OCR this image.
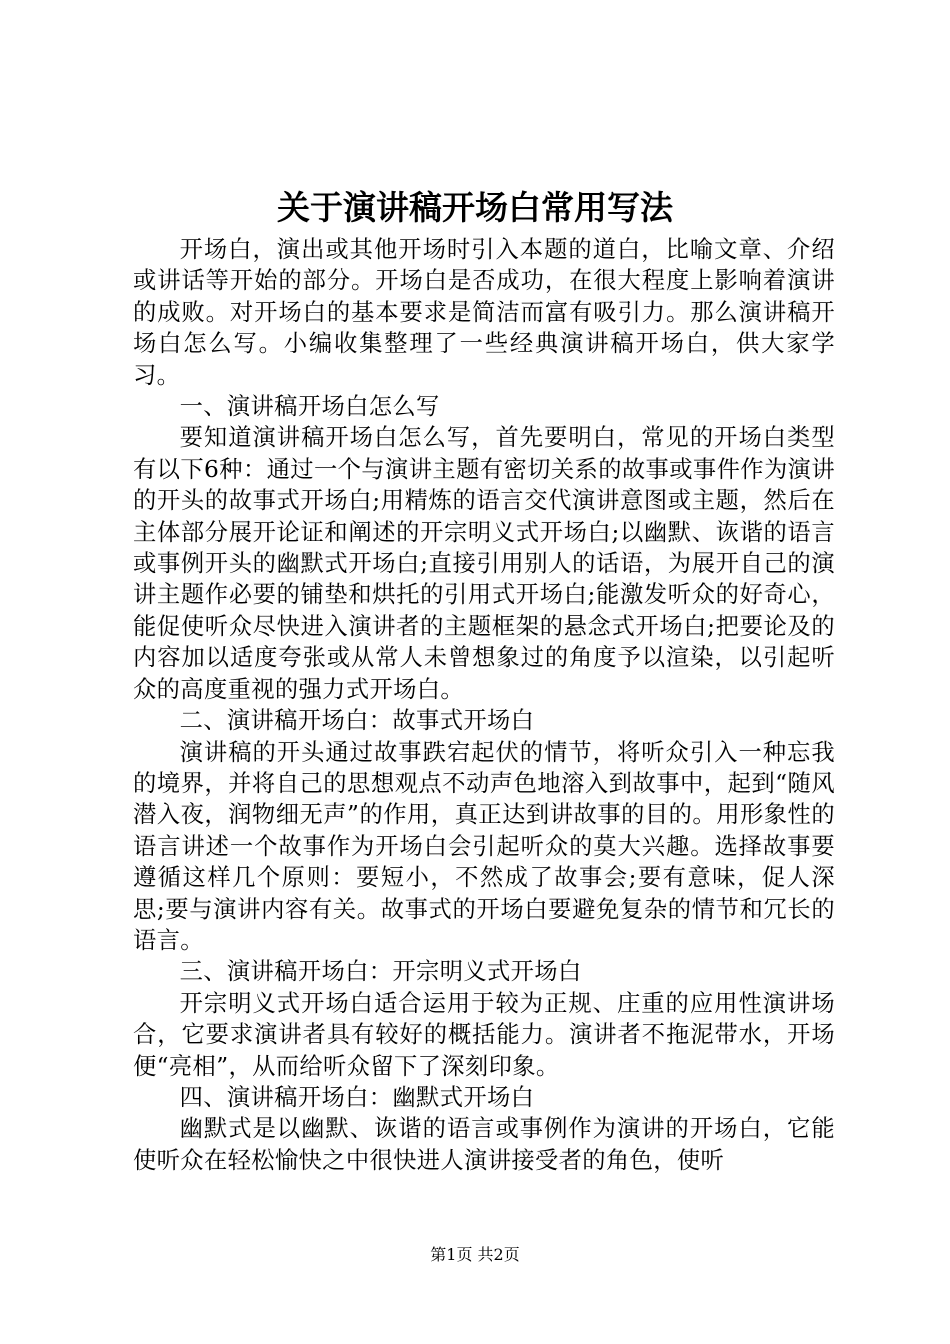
关于演讲稿开场白常用写法

开场白，演出或其他开场时引入本题的道白，比喻文章、介绍或讲话等开始的部分。开场白是否成功，在很大程度上影响着演讲的成败。对开场白的基本要求是简洁而富有吸引力。那么演讲稿开场白怎么写。小编收集整理了一些经典演讲稿开场白，供大家学习。

一、演讲稿开场白怎么写

要知道演讲稿开场白怎么写，首先要明白，常见的开场白类型有以下6种：通过一个与演讲主题有密切关系的故事或事件作为演讲的开头的故事式开场白;用精炼的语言交代演讲意图或主题，然后在主体部分展开论证和阐述的开宗明义式开场白;以幽默、诙谐的语言或事例开头的幽默式开场白;直接引用别人的话语，为展开自己的演讲主题作必要的铺垫和烘托的引用式开场白;能激发听众的好奇心，能促使听众尽快进入演讲者的主题框架的悬念式开场白;把要论及的内容加以适度夸张或从常人未曾想象过的角度予以渲染，以引起听众的高度重视的强力式开场白。

二、演讲稿开场白：故事式开场白

演讲稿的开头通过故事跌宕起伏的情节，将听众引入一种忘我的境界，并将自己的思想观点不动声色地溶入到故事中，起到“随风潜入夜，润物细无声”的作用，真正达到讲故事的目的。用形象性的语言讲述一个故事作为开场白会引起听众的莫大兴趣。选择故事要遵循这样几个原则：要短小，不然成了故事会;要有意味，促人深思;要与演讲内容有关。故事式的开场白要避免复杂的情节和冗长的语言。

三、演讲稿开场白：开宗明义式开场白

开宗明义式开场白适合运用于较为正规、庄重的应用性演讲场合，它要求演讲者具有较好的概括能力。演讲者不拖泥带水，开场便“亮相”，从而给听众留下了深刻印象。

四、演讲稿开场白：幽默式开场白

幽默式是以幽默、诙谐的语言或事例作为演讲的开场白，它能使听众在轻松愉快之中很快进人演讲接受者的角色，使听

第1页 共2页
